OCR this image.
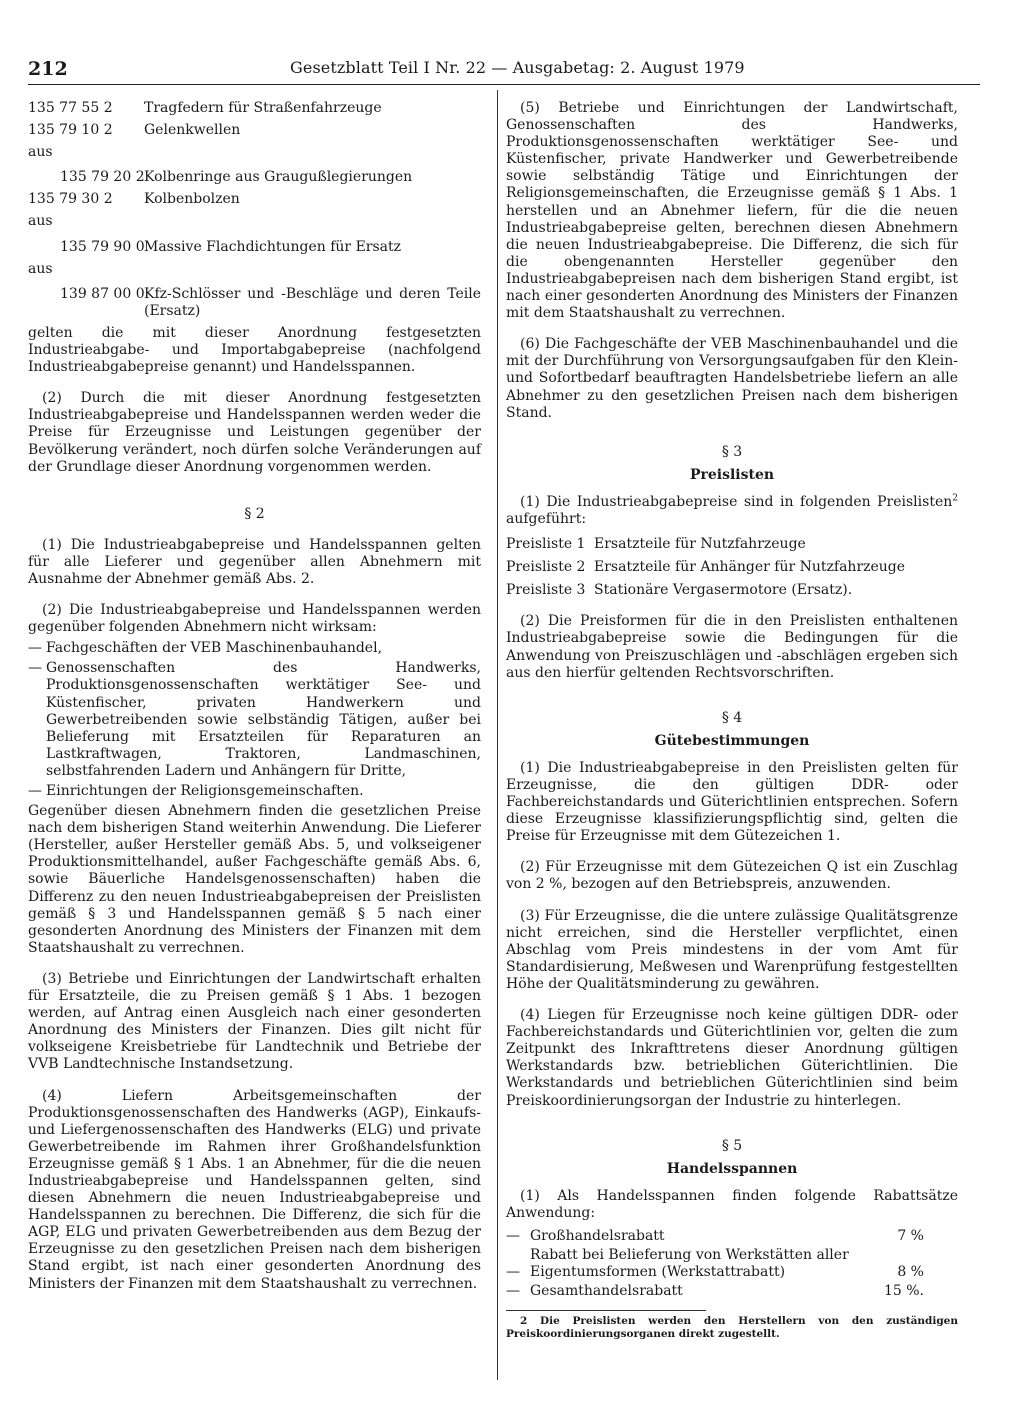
212	Gesetzblatt Teil I Nr. 22 — Ausgabetag: 2. August 1979
135 77 55 2	Tragfedern für Straßenfahrzeuge
135 79 10 2	Gelenkwellen
aus
135 79 20 2 Kolbenringe aus Graugußlegierungen
135 79 30 2	Kolbenbolzen
aus
135 79 90 0 Massive Flachdichtungen für Ersatz
aus
139 87 00 0 Kfz-Schlösser und -Beschläge und deren Teile (Ersatz)

gelten die mit dieser Anordnung festgesetzten Industrieabgabe- und Importabgabepreise (nachfolgend Industrieabgabepreise genannt) und Handelsspannen.

(2) Durch die mit dieser Anordnung festgesetzten Industrieabgabepreise und Handelsspannen werden weder die Preise für Erzeugnisse und Leistungen gegenüber der Bevölkerung verändert, noch dürfen solche Veränderungen auf der Grundlage dieser Anordnung vorgenommen werden.

§ 2

(1) Die Industrieabgabepreise und Handelsspannen gelten für alle Lieferer und gegenüber allen Abnehmern mit Ausnahme der Abnehmer gemäß Abs. 2.

(2) Die Industrieabgabepreise und Handelsspannen werden gegenüber folgenden Abnehmern nicht wirksam:

— Fachgeschäften der VEB Maschinenbauhandel,
— Genossenschaften des Handwerks, Produktionsgenossenschaften werktätiger See- und Küstenfischer, privaten Handwerkern und Gewerbetreibenden sowie selbständig Tätigen, außer bei Belieferung mit Ersatzteilen für Reparaturen an Lastkraftwagen, Traktoren, Landmaschinen, selbstfahrenden Ladern und Anhängern für Dritte,
— Einrichtungen der Religionsgemeinschaften.

Gegenüber diesen Abnehmern finden die gesetzlichen Preise nach dem bisherigen Stand weiterhin Anwendung. Die Lieferer (Hersteller, außer Hersteller gemäß Abs. 5, und volkseigener Produktionsmittelhandel, außer Fachgeschäfte gemäß Abs. 6, sowie Bäuerliche Handelsgenossenschaften) haben die Differenz zu den neuen Industrieabgabepreisen der Preislisten gemäß § 3 und Handelsspannen gemäß § 5 nach einer gesonderten Anordnung des Ministers der Finanzen mit dem Staatshaushalt zu verrechnen.

(3) Betriebe und Einrichtungen der Landwirtschaft erhalten für Ersatzteile, die zu Preisen gemäß § 1 Abs. 1 bezogen werden, auf Antrag einen Ausgleich nach einer gesonderten Anordnung des Ministers der Finanzen. Dies gilt nicht für volkseigene Kreisbetriebe für Landtechnik und Betriebe der VVB Landtechnische Instandsetzung.

(4) Liefern Arbeitsgemeinschaften der Produktionsgenossenschaften des Handwerks (AGP), Einkaufs- und Liefergenossenschaften des Handwerks (ELG) und private Gewerbetreibende im Rahmen ihrer Großhandelsfunktion Erzeugnisse gemäß § 1 Abs. 1 an Abnehmer, für die die neuen Industrieabgabepreise und Handelsspannen gelten, sind diesen Abnehmern die neuen Industrieabgabepreise und Handelsspannen zu berechnen. Die Differenz, die sich für die AGP, ELG und privaten Gewerbetreibenden aus dem Bezug der Erzeugnisse zu den gesetzlichen Preisen nach dem bisherigen Stand ergibt, ist nach einer gesonderten Anordnung des Ministers der Finanzen mit dem Staatshaushalt zu verrechnen.

(5) Betriebe und Einrichtungen der Landwirtschaft, Genossenschaften des Handwerks, Produktionsgenossenschaften werktätiger See- und Küstenfischer, private Handwerker und Gewerbetreibende sowie selbständig Tätige und Einrichtungen der Religionsgemeinschaften, die Erzeugnisse gemäß § 1 Abs. 1 herstellen und an Abnehmer liefern, für die die neuen Industrieabgabepreise gelten, berechnen diesen Abnehmern die neuen Industrieabgabepreise. Die Differenz, die sich für die obengenannten Hersteller gegenüber den Industrieabgabepreisen nach dem bisherigen Stand ergibt, ist nach einer gesonderten Anordnung des Ministers der Finanzen mit dem Staatshaushalt zu verrechnen.

(6) Die Fachgeschäfte der VEB Maschinenbauhandel und die mit der Durchführung von Versorgungsaufgaben für den Klein- und Sofortbedarf beauftragten Handelsbetriebe liefern an alle Abnehmer zu den gesetzlichen Preisen nach dem bisherigen Stand.

§ 3
Preislisten

(1) Die Industrieabgabepreise sind in folgenden Preislisten$^2$ aufgeführt:

Preisliste 1 Ersatzteile für Nutzfahrzeuge
Preisliste 2 Ersatzteile für Anhänger für Nutzfahrzeuge
Preisliste 3 Stationäre Vergasermotore (Ersatz).

(2) Die Preisformen für die in den Preislisten enthaltenen Industrieabgabepreise sowie die Bedingungen für die Anwendung von Preiszuschlägen und -abschlägen ergeben sich aus den hierfür geltenden Rechtsvorschriften.

§ 4
Gütebestimmungen

(1) Die Industrieabgabepreise in den Preislisten gelten für Erzeugnisse, die den gültigen DDR- oder Fachbereichstandards und Güterichtlinien entsprechen. Sofern diese Erzeugnisse klassifizierungspflichtig sind, gelten die Preise für Erzeugnisse mit dem Gütezeichen 1.

(2) Für Erzeugnisse mit dem Gütezeichen Q ist ein Zuschlag von 2 %, bezogen auf den Betriebspreis, anzuwenden.

(3) Für Erzeugnisse, die die untere zulässige Qualitätsgrenze nicht erreichen, sind die Hersteller verpflichtet, einen Abschlag vom Preis mindestens in der vom Amt für Standardisierung, Meßwesen und Warenprüfung festgestellten Höhe der Qualitätsminderung zu gewähren.

(4) Liegen für Erzeugnisse noch keine gültigen DDR- oder Fachbereichstandards und Güterichtlinien vor, gelten die zum Zeitpunkt des Inkrafttretens dieser Anordnung gültigen Werkstandards bzw. betrieblichen Güterichtlinien. Die Werkstandards und betrieblichen Güterichtlinien sind beim Preiskoordinierungsorgan der Industrie zu hinterlegen.

§ 5
Handelsspannen

(1) Als Handelsspannen finden folgende Rabattsätze Anwendung:

— Großhandelsrabatt	7 %
—
Rabatt bei Belieferung von Werkstätten aller Eigentumsformen (Werkstattrabatt)	8 %
— Gesamthandelsrabatt	15 %.

2 Die Preislisten werden den Herstellern von den zuständigen Preiskoordinierungsorganen direkt zugestellt.
